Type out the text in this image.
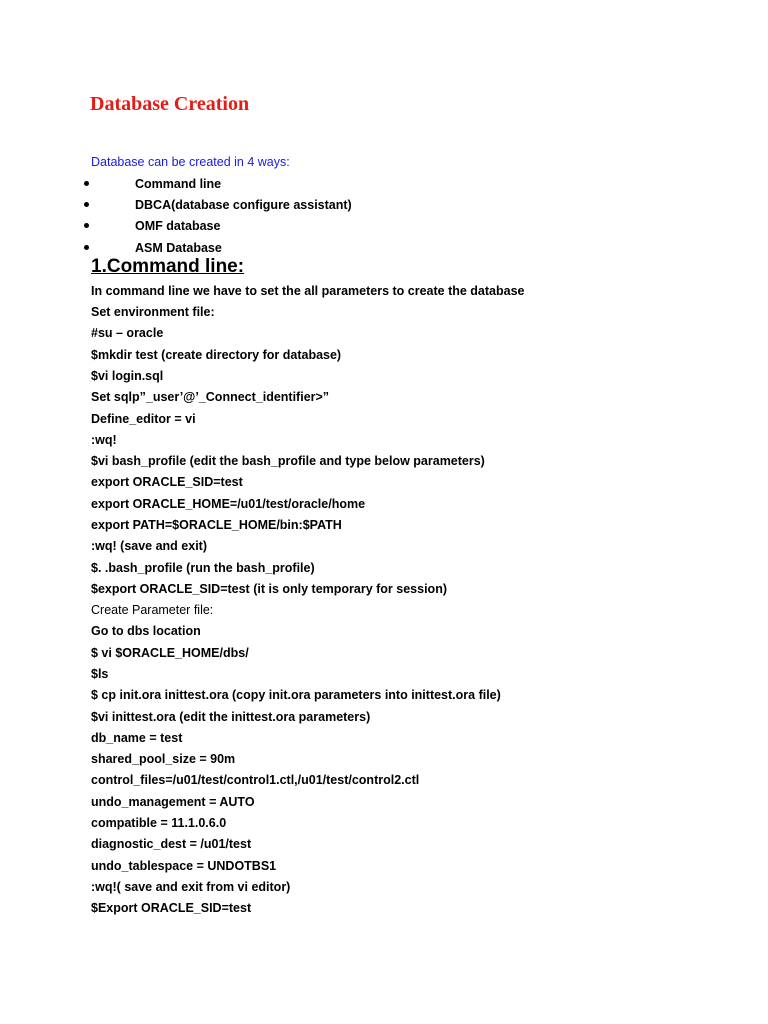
Database Creation
Database can be created in 4 ways:
Command line
DBCA(database configure assistant)
OMF database
ASM Database
1.Command line:
In command line we have to set the all parameters to create the database
Set environment file:
#su – oracle
$mkdir test (create directory for database)
$vi login.sql
Set sqlp”_user’@’_Connect_identifier>”
Define_editor = vi
:wq!
$vi bash_profile (edit the bash_profile and type below parameters)
export ORACLE_SID=test
export ORACLE_HOME=/u01/test/oracle/home
export PATH=$ORACLE_HOME/bin:$PATH
:wq! (save and exit)
$. .bash_profile (run the bash_profile)
$export ORACLE_SID=test (it is only temporary for session)
Create Parameter file:
Go to dbs location
$ vi $ORACLE_HOME/dbs/
$ls
$ cp init.ora inittest.ora (copy init.ora parameters into inittest.ora file)
$vi inittest.ora (edit the inittest.ora parameters)
db_name = test
shared_pool_size = 90m
control_files=/u01/test/control1.ctl,/u01/test/control2.ctl
undo_management = AUTO
compatible = 11.1.0.6.0
diagnostic_dest = /u01/test
undo_tablespace = UNDOTBS1
:wq!( save and exit from vi editor)
$Export ORACLE_SID=test
